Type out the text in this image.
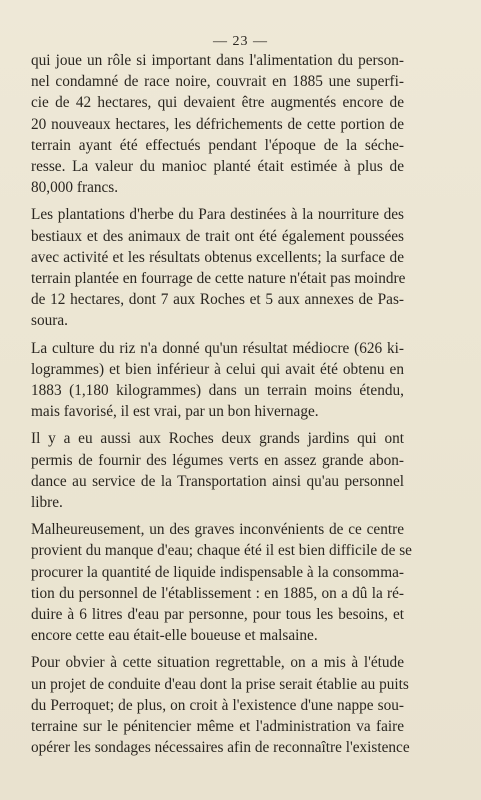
— 23 —
qui joue un rôle si important dans l'alimentation du person-
nel condamné de race noire, couvrait en 1885 une superfi-
cie de 42 hectares, qui devaient être augmentés encore de
20 nouveaux hectares, les défrichements de cette portion de
terrain ayant été effectués pendant l'époque de la séche-
resse. La valeur du manioc planté était estimée à plus de
80,000 francs.
Les plantations d'herbe du Para destinées à la nourriture des
bestiaux et des animaux de trait ont été également poussées
avec activité et les résultats obtenus excellents; la surface de
terrain plantée en fourrage de cette nature n'était pas moindre
de 12 hectares, dont 7 aux Roches et 5 aux annexes de Pas-
soura.
La culture du riz n'a donné qu'un résultat médiocre (626 ki-
logrammes) et bien inférieur à celui qui avait été obtenu en
1883 (1,180 kilogrammes) dans un terrain moins étendu,
mais favorisé, il est vrai, par un bon hivernage.
Il y a eu aussi aux Roches deux grands jardins qui ont
permis de fournir des légumes verts en assez grande abon-
dance au service de la Transportation ainsi qu'au personnel
libre.
Malheureusement, un des graves inconvénients de ce centre
provient du manque d'eau; chaque été il est bien difficile de se
procurer la quantité de liquide indispensable à la consomma-
tion du personnel de l'établissement : en 1885, on a dû la ré-
duire à 6 litres d'eau par personne, pour tous les besoins, et
encore cette eau était-elle boueuse et malsaine.
Pour obvier à cette situation regrettable, on a mis à l'étude
un projet de conduite d'eau dont la prise serait établie au puits
du Perroquet; de plus, on croit à l'existence d'une nappe sou-
terraine sur le pénitencier même et l'administration va faire
opérer les sondages nécessaires afin de reconnaître l'existence
